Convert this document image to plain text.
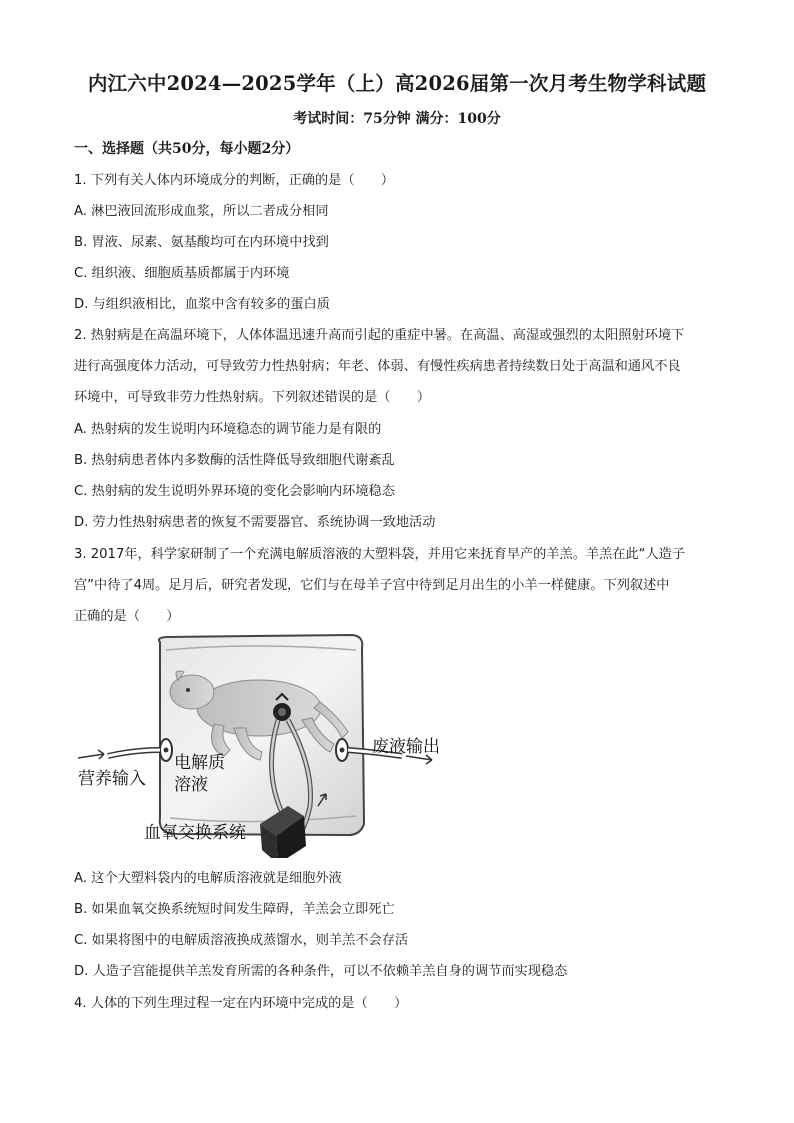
内江六中2024—2025学年（上）高2026届第一次月考生物学科试题
考试时间：75分钟 满分：100分
一、选择题（共50分，每小题2分）
1. 下列有关人体内环境成分的判断，正确的是（　　）
A. 淋巴液回流形成血浆，所以二者成分相同
B. 胃液、尿素、氨基酸均可在内环境中找到
C. 组织液、细胞质基质都属于内环境
D. 与组织液相比，血浆中含有较多的蛋白质
2. 热射病是在高温环境下，人体体温迅速升高而引起的重症中暑。在高温、高湿或强烈的太阳照射环境下
进行高强度体力活动，可导致劳力性热射病；年老、体弱、有慢性疾病患者持续数日处于高温和通风不良
环境中，可导致非劳力性热射病。下列叙述错误的是（　　）
A. 热射病的发生说明内环境稳态的调节能力是有限的
B. 热射病患者体内多数酶的活性降低导致细胞代谢紊乱
C. 热射病的发生说明外界环境的变化会影响内环境稳态
D. 劳力性热射病患者的恢复不需要器官、系统协调一致地活动
3. 2017年，科学家研制了一个充满电解质溶液的大塑料袋，并用它来抚育早产的羊羔。羊羔在此“人造子
宫”中待了4周。足月后，研究者发现，它们与在母羊子宫中待到足月出生的小羊一样健康。下列叙述中
正确的是（　　）
废液输出
电解质
溶液
营养输入
血氧交换系统
A. 这个大塑料袋内的电解质溶液就是细胞外液
B. 如果血氧交换系统短时间发生障碍，羊羔会立即死亡
C. 如果将图中的电解质溶液换成蒸馏水，则羊羔不会存活
D. 人造子宫能提供羊羔发育所需的各种条件，可以不依赖羊羔自身的调节而实现稳态
4. 人体的下列生理过程一定在内环境中完成的是（　　）
